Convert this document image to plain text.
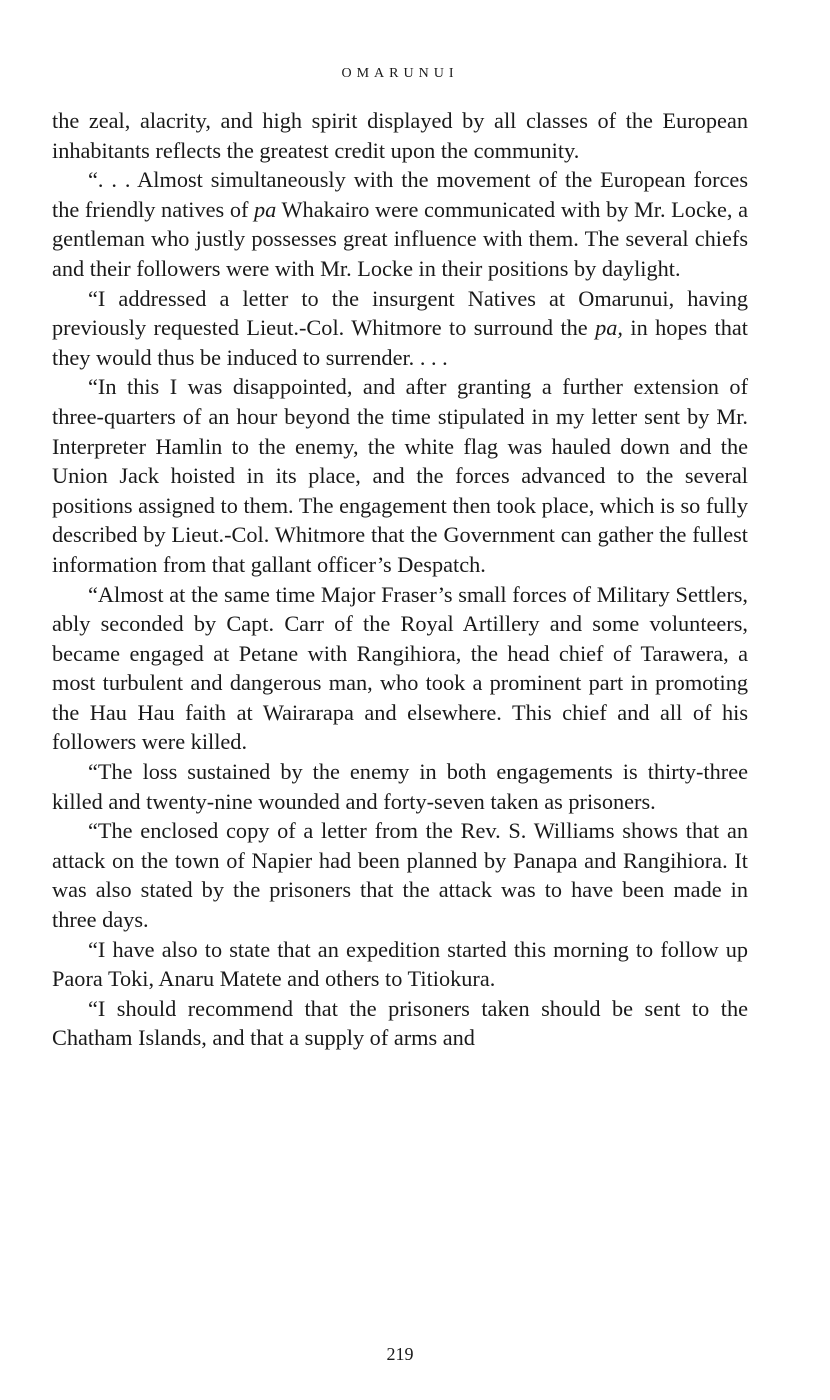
OMARUNUI

the zeal, alacrity, and high spirit displayed by all classes of the European inhabitants reflects the greatest credit upon the community.

“. . . Almost simultaneously with the movement of the European forces the friendly natives of pa Whakairo were communicated with by Mr. Locke, a gentleman who justly possesses great influence with them. The several chiefs and their followers were with Mr. Locke in their positions by daylight.

“I addressed a letter to the insurgent Natives at Omarunui, having previously requested Lieut.-Col. Whitmore to surround the pa, in hopes that they would thus be induced to surrender. . . .

“In this I was disappointed, and after granting a further extension of three-quarters of an hour beyond the time stipulated in my letter sent by Mr. Interpreter Hamlin to the enemy, the white flag was hauled down and the Union Jack hoisted in its place, and the forces advanced to the several positions assigned to them. The engagement then took place, which is so fully described by Lieut.-Col. Whitmore that the Government can gather the fullest information from that gallant officer’s Despatch.

“Almost at the same time Major Fraser’s small forces of Military Settlers, ably seconded by Capt. Carr of the Royal Artillery and some volunteers, became engaged at Petane with Rangihiora, the head chief of Tarawera, a most turbulent and dangerous man, who took a prominent part in promoting the Hau Hau faith at Wairarapa and elsewhere. This chief and all of his followers were killed.

“The loss sustained by the enemy in both engagements is thirty-three killed and twenty-nine wounded and forty-seven taken as prisoners.

“The enclosed copy of a letter from the Rev. S. Williams shows that an attack on the town of Napier had been planned by Panapa and Rangihiora. It was also stated by the prisoners that the attack was to have been made in three days.

“I have also to state that an expedition started this morning to follow up Paora Toki, Anaru Matete and others to Titiokura.

“I should recommend that the prisoners taken should be sent to the Chatham Islands, and that a supply of arms and

219
